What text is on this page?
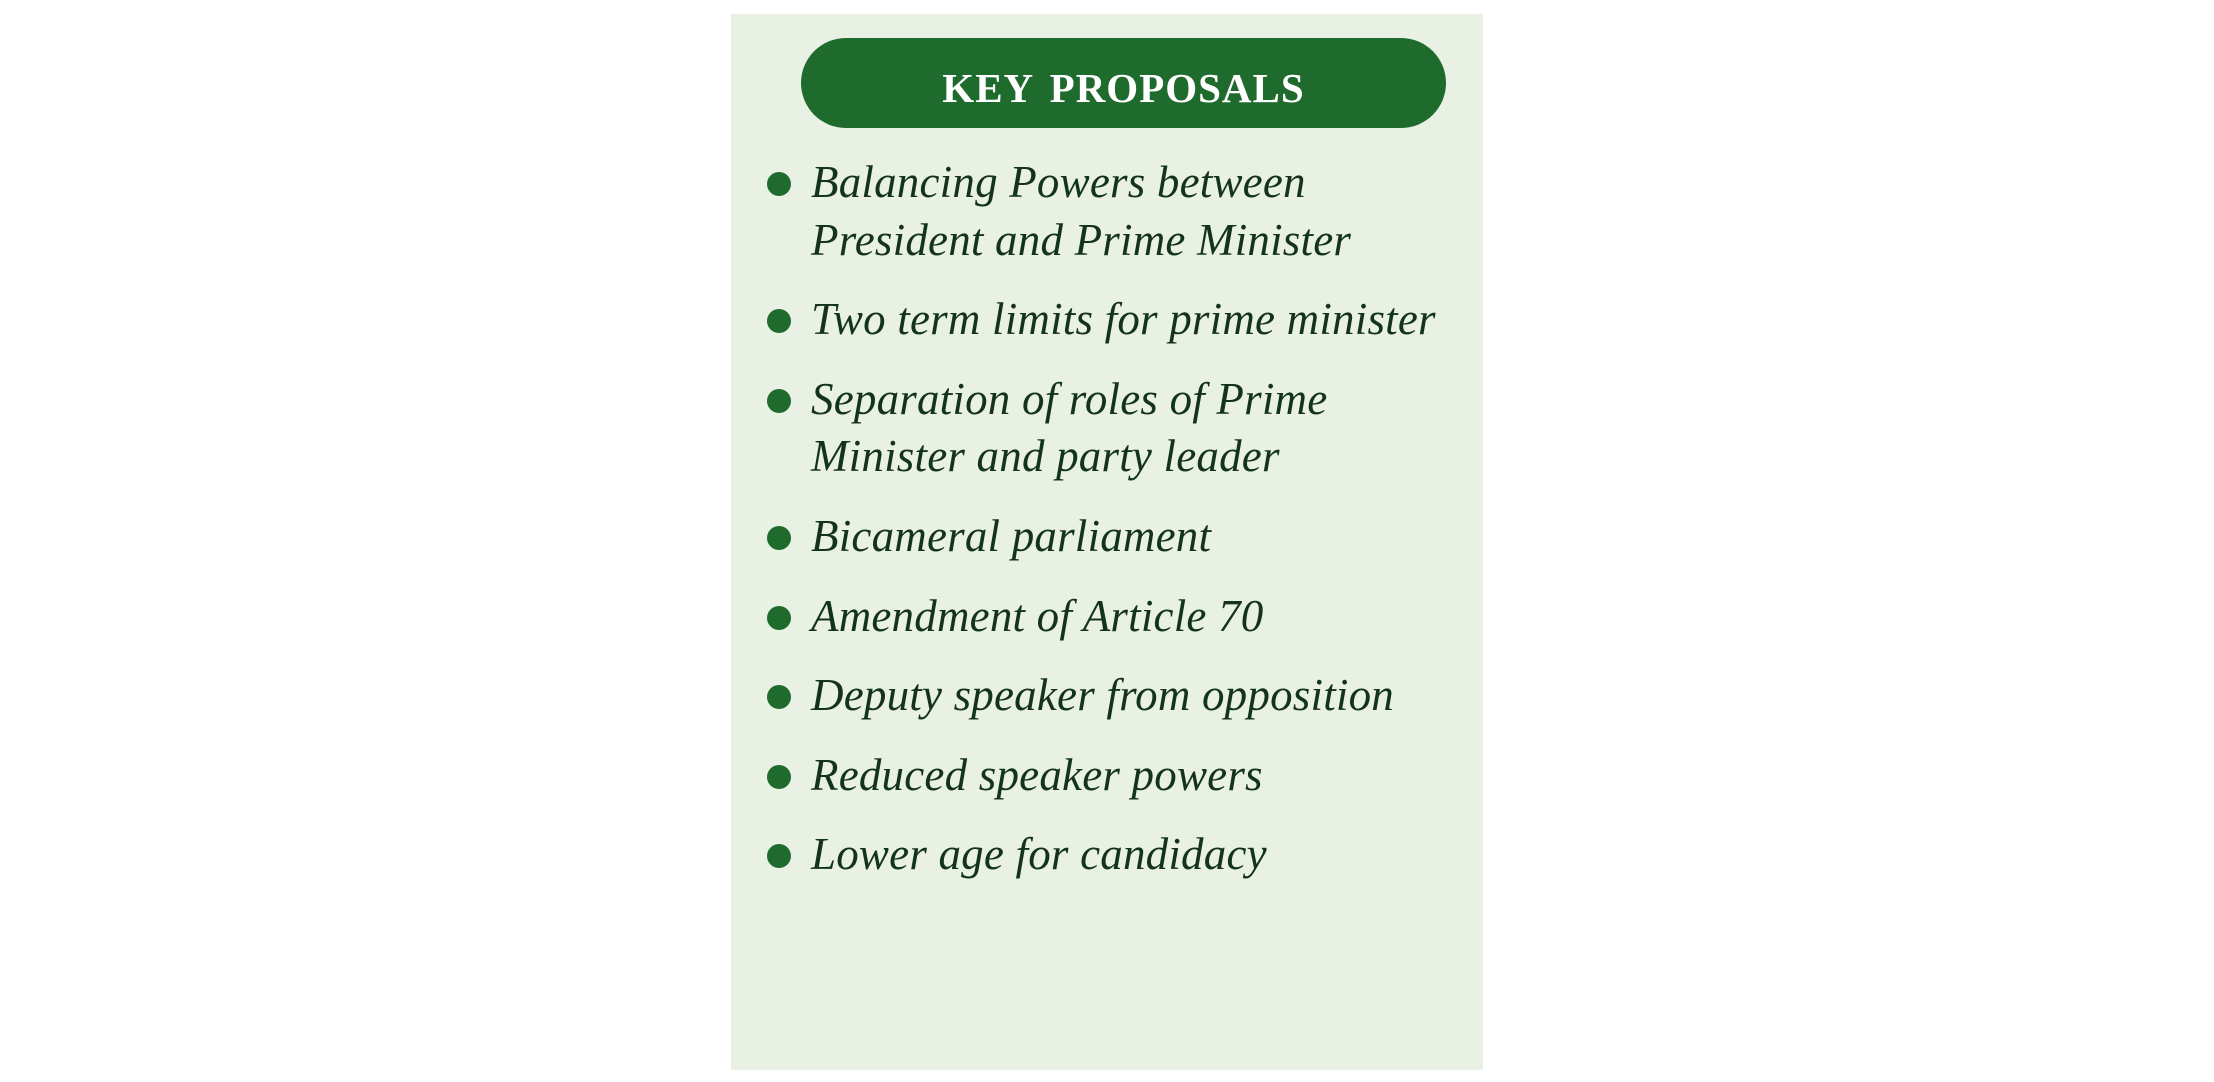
key proposals
Balancing Powers between President and Prime Minister
Two term limits for prime minister
Separation of roles of Prime Minister and party leader
Bicameral parliament
Amendment of Article 70
Deputy speaker from opposition
Reduced speaker powers
Lower age for candidacy
